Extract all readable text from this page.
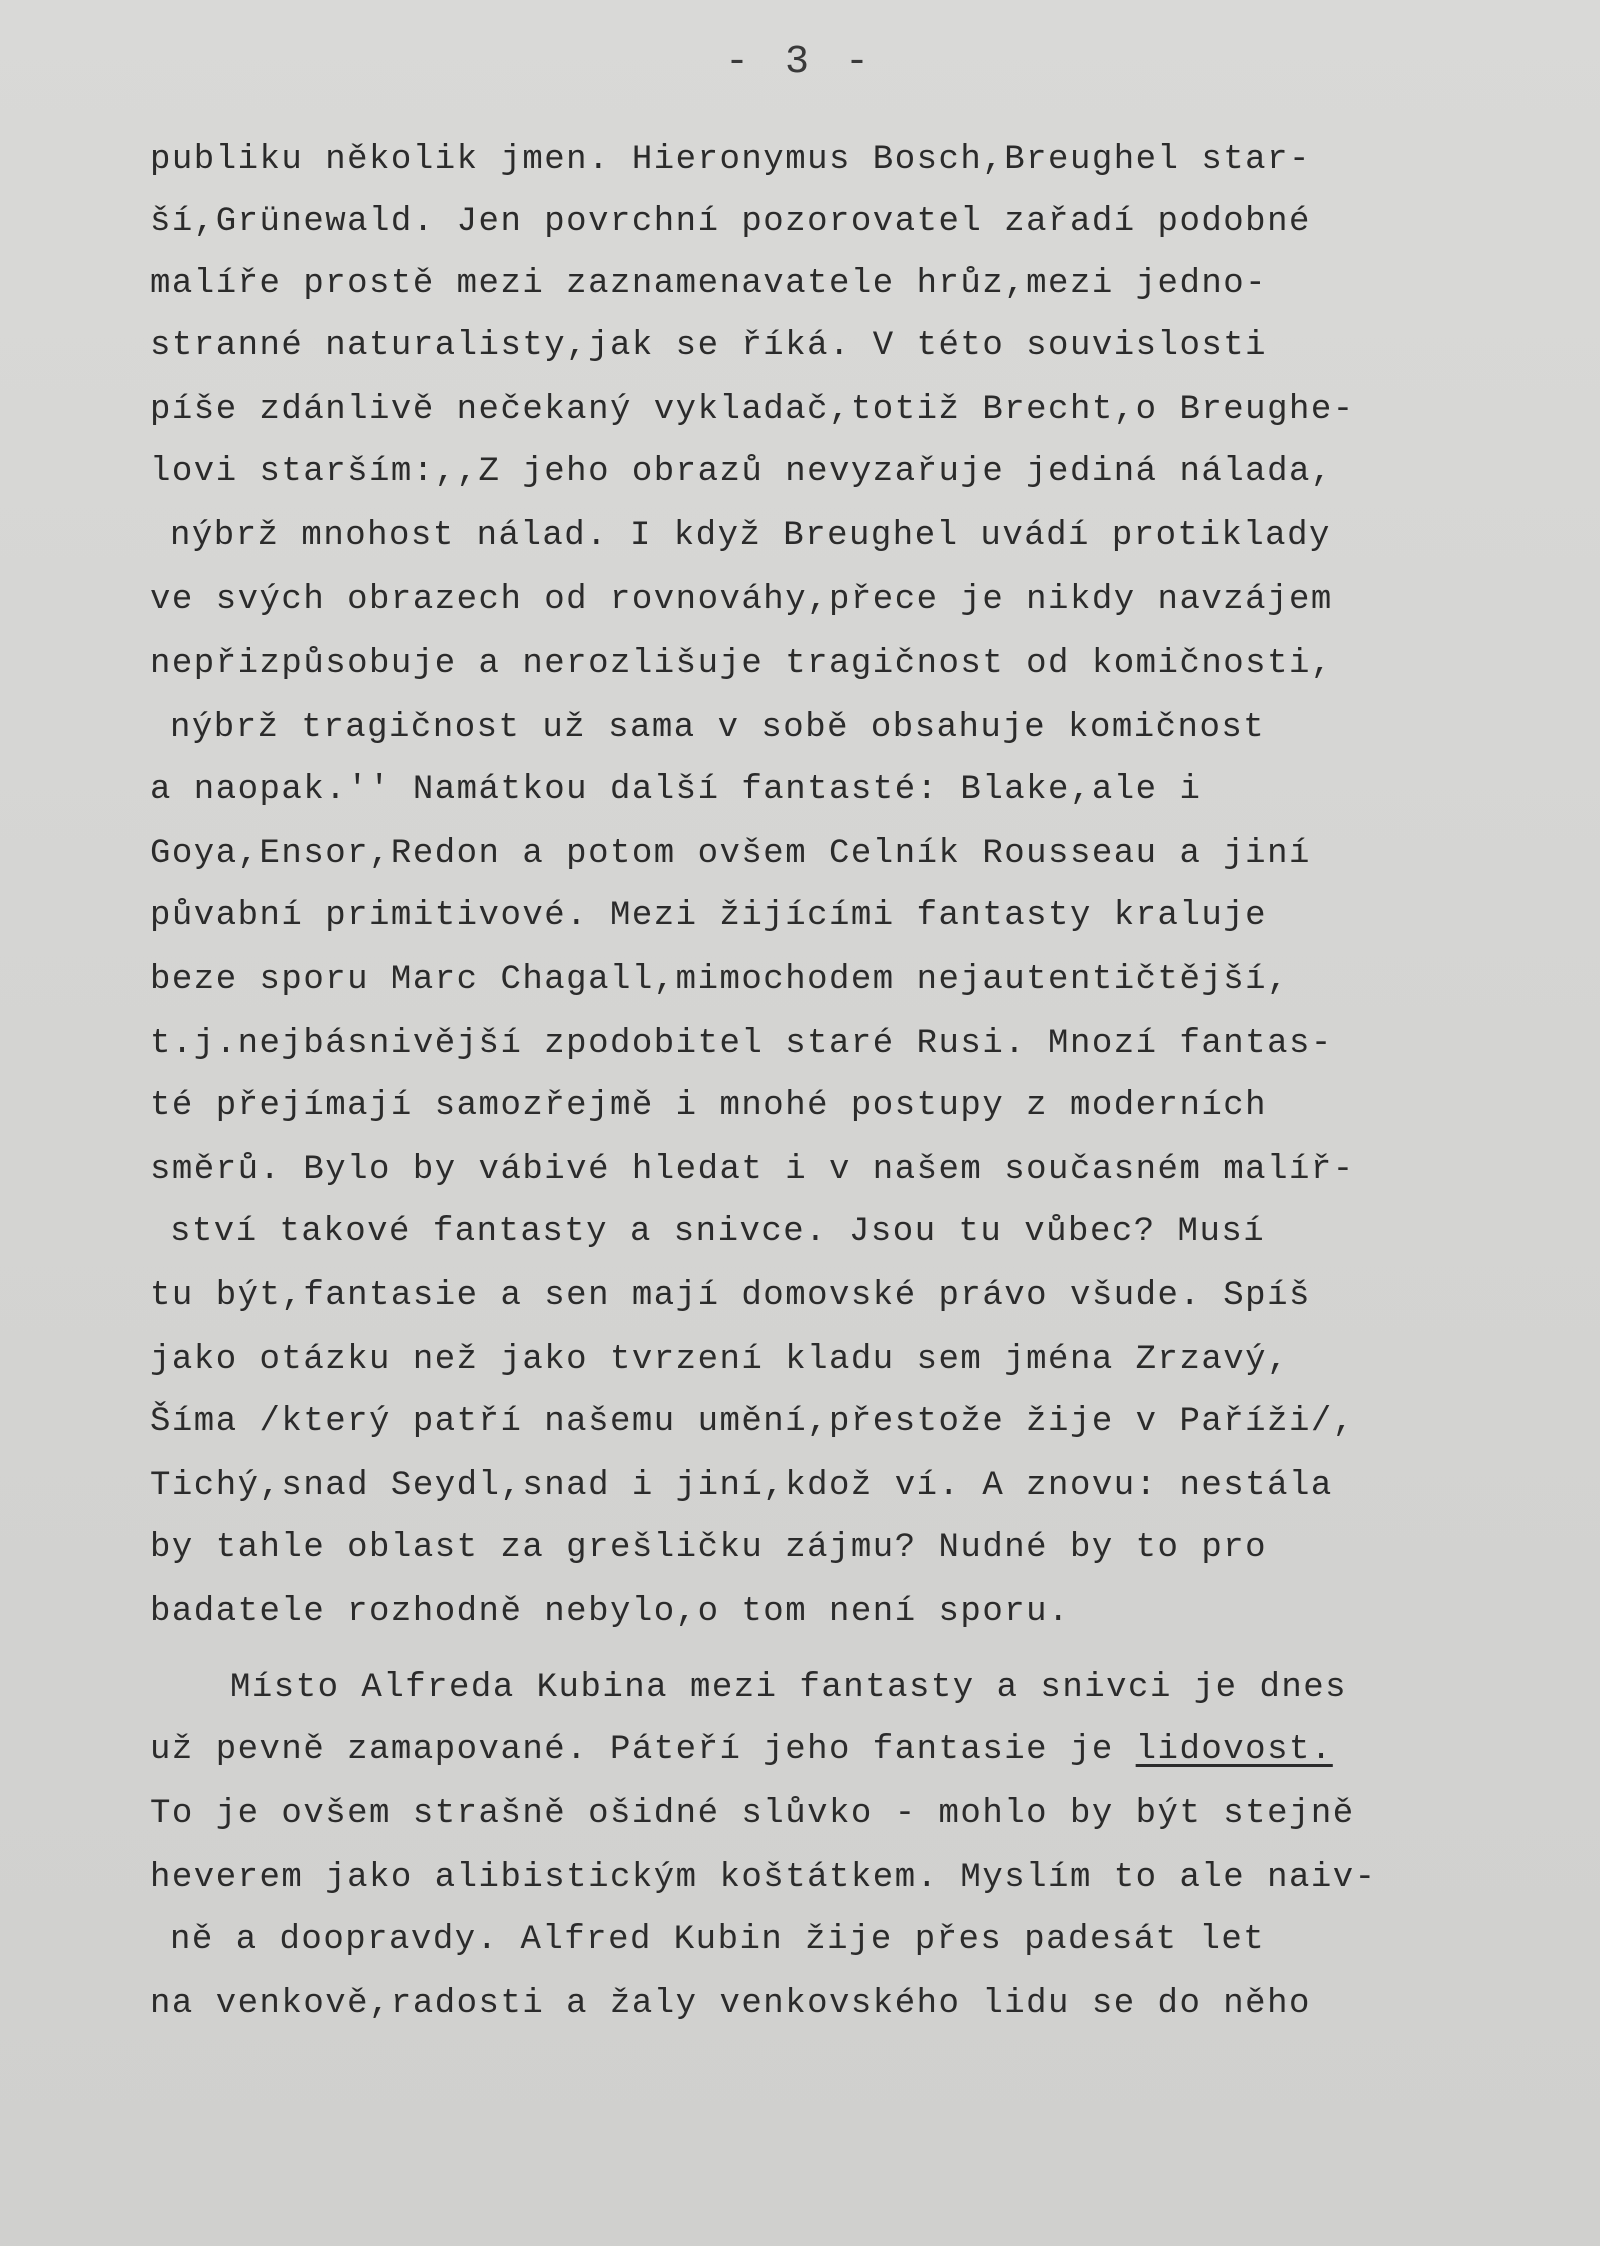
- 3 -
publiku několik jmen. Hieronymus Bosch,Breughel star-
ší,Grünewald. Jen povrchní pozorovatel zařadí podobné
malíře prostě mezi zaznamenavatele hrůz,mezi jedno-
stranné naturalisty,jak se říká. V této souvislosti
píše zdánlivě nečekaný vykladač,totiž Brecht,o Breughe-
lovi starším:,,Z jeho obrazů nevyzařuje jediná nálada,
nýbrž mnohost nálad. I když Breughel uvádí protiklady
ve svých obrazech od rovnováhy,přece je nikdy navzájem
nepřizpůsobuje a nerozlišuje tragičnost od komičnosti,
nýbrž tragičnost už sama v sobě obsahuje komičnost
a naopak.'' Namátkou další fantasté: Blake,ale i
Goya,Ensor,Redon a potom ovšem Celník Rousseau a jiní
půvabní primitivové. Mezi žijícími fantasty kraluje
beze sporu Marc Chagall,mimochodem nejautentičtější,
t.j.nejbásnivější zpodobitel staré Rusi. Mnozí fantas-
té přejímají samozřejmě i mnohé postupy z moderních
směrů. Bylo by vábivé hledat i v našem současném malíř-
ství takové fantasty a snivce. Jsou tu vůbec? Musí
tu být,fantasie a sen mají domovské právo všude. Spíš
jako otázku než jako tvrzení kladu sem jména Zrzavý,
Šíma /který patří našemu umění,přestože žije v Paříži/,
Tichý,snad Seydl,snad i jiní,kdož ví. A znovu: nestála
by tahle oblast za grešličku zájmu? Nudné by to pro
badatele rozhodně nebylo,o tom není sporu.
Místo Alfreda Kubina mezi fantasty a snivci je dnes
už pevně zamapované. Páteří jeho fantasie je lidovost.
To je ovšem strašně ošidné slůvko - mohlo by být stejně
heverem jako alibistickým koštátkem. Myslím to ale naiv-
ně a doopravdy. Alfred Kubin žije přes padesát let
na venkově,radosti a žaly venkovského lidu se do něho
